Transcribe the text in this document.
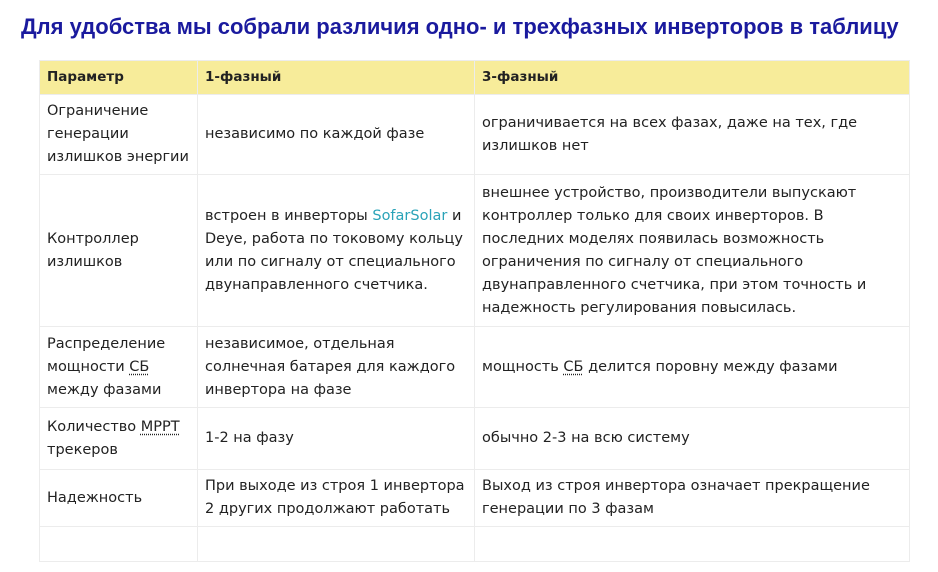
Для удобства мы собрали различия одно- и трехфазных инверторов в таблицу
Параметр	1-фазный	3-фазный
Ограничение генерации излишков энергии	независимо по каждой фазе	ограничивается на всех фазах, даже на тех, где излишков нет
Контроллер излишков	встроен в инверторы SofarSolar и Deye, работа по токовому кольцу или по сигналу от специального двунаправленного счетчика.	внешнее устройство, производители выпускают контроллер только для своих инверторов. В последних моделях появилась возможность ограничения по сигналу от специального двунаправленного счетчика, при этом точность и надежность регулирования повысилась.
Распределение мощности СБ между фазами	независимое, отдельная солнечная батарея для каждого инвертора на фазе	мощность СБ делится поровну между фазами
Количество MPPT трекеров	1-2 на фазу	обычно 2-3 на всю систему
Надежность	При выходе из строя 1 инвертора 2 других продолжают работать	Выход из строя инвертора означает прекращение генерации по 3 фазам
